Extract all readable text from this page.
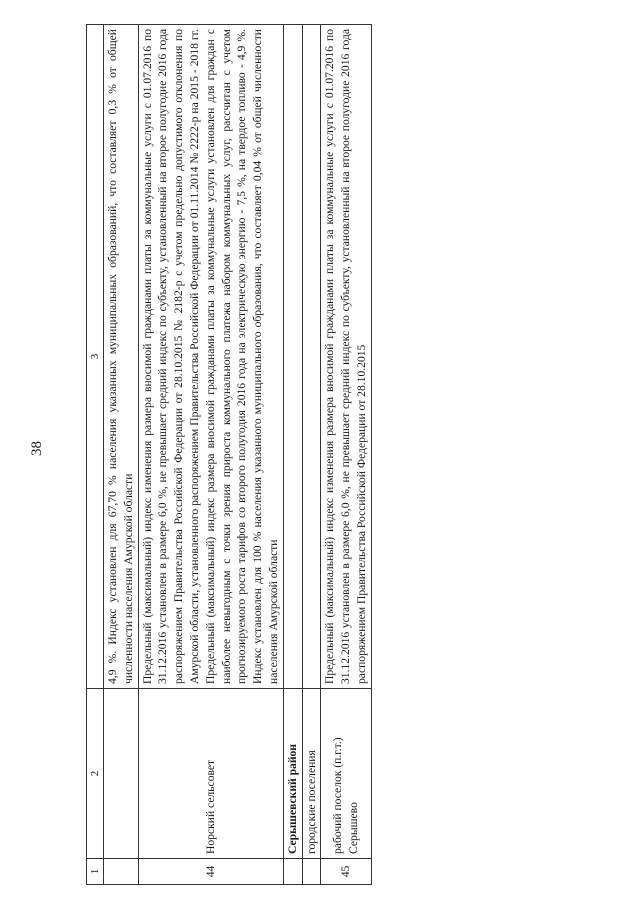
38
1	2	3
		4,9 %. Индекс установлен для 67,70 % населения указанных муниципальных образований, что составляет 0,3 % от общей численности населения Амурской области
44	Норский сельсовет	Предельный (максимальный) индекс изменения размера вносимой гражданами платы за коммунальные услуги с 01.07.2016 по 31.12.2016 установлен в размере 6,0 %, не превышает средний индекс по субъекту, установленный на второе полугодие 2016 года распоряжением Правительства Российской Федерации от 28.10.2015 № 2182-р с учетом предельно допустимого отклонения по Амурской области, установленного распоряжением Правительства Российской Федерации от 01.11.2014 № 2222-р на 2015 - 2018 гг. Предельный (максимальный) индекс размера вносимой гражданами платы за коммунальные услуги установлен для граждан с наиболее невыгодным с точки зрения прироста коммунального платежа набором коммунальных услуг, рассчитан с учетом прогнозируемого роста тарифов со второго полугодия 2016 года на электрическую энергию - 7,5 %, на твердое топливо - 4,9 %. Индекс установлен для 100 % населения указанного муниципального образования, что составляет 0,04 % от общей численности населения Амурской области
	Серышевский район	
	городские поселения	
45	рабочий поселок (п.г.т.) Серышево	Предельный (максимальный) индекс изменения размера вносимой гражданами платы за коммунальные услуги с 01.07.2016 по 31.12.2016 установлен в размере 6,0 %, не превышает средний индекс по субъекту, установленный на второе полугодие 2016 года распоряжением Правительства Российской Федерации от 28.10.2015
